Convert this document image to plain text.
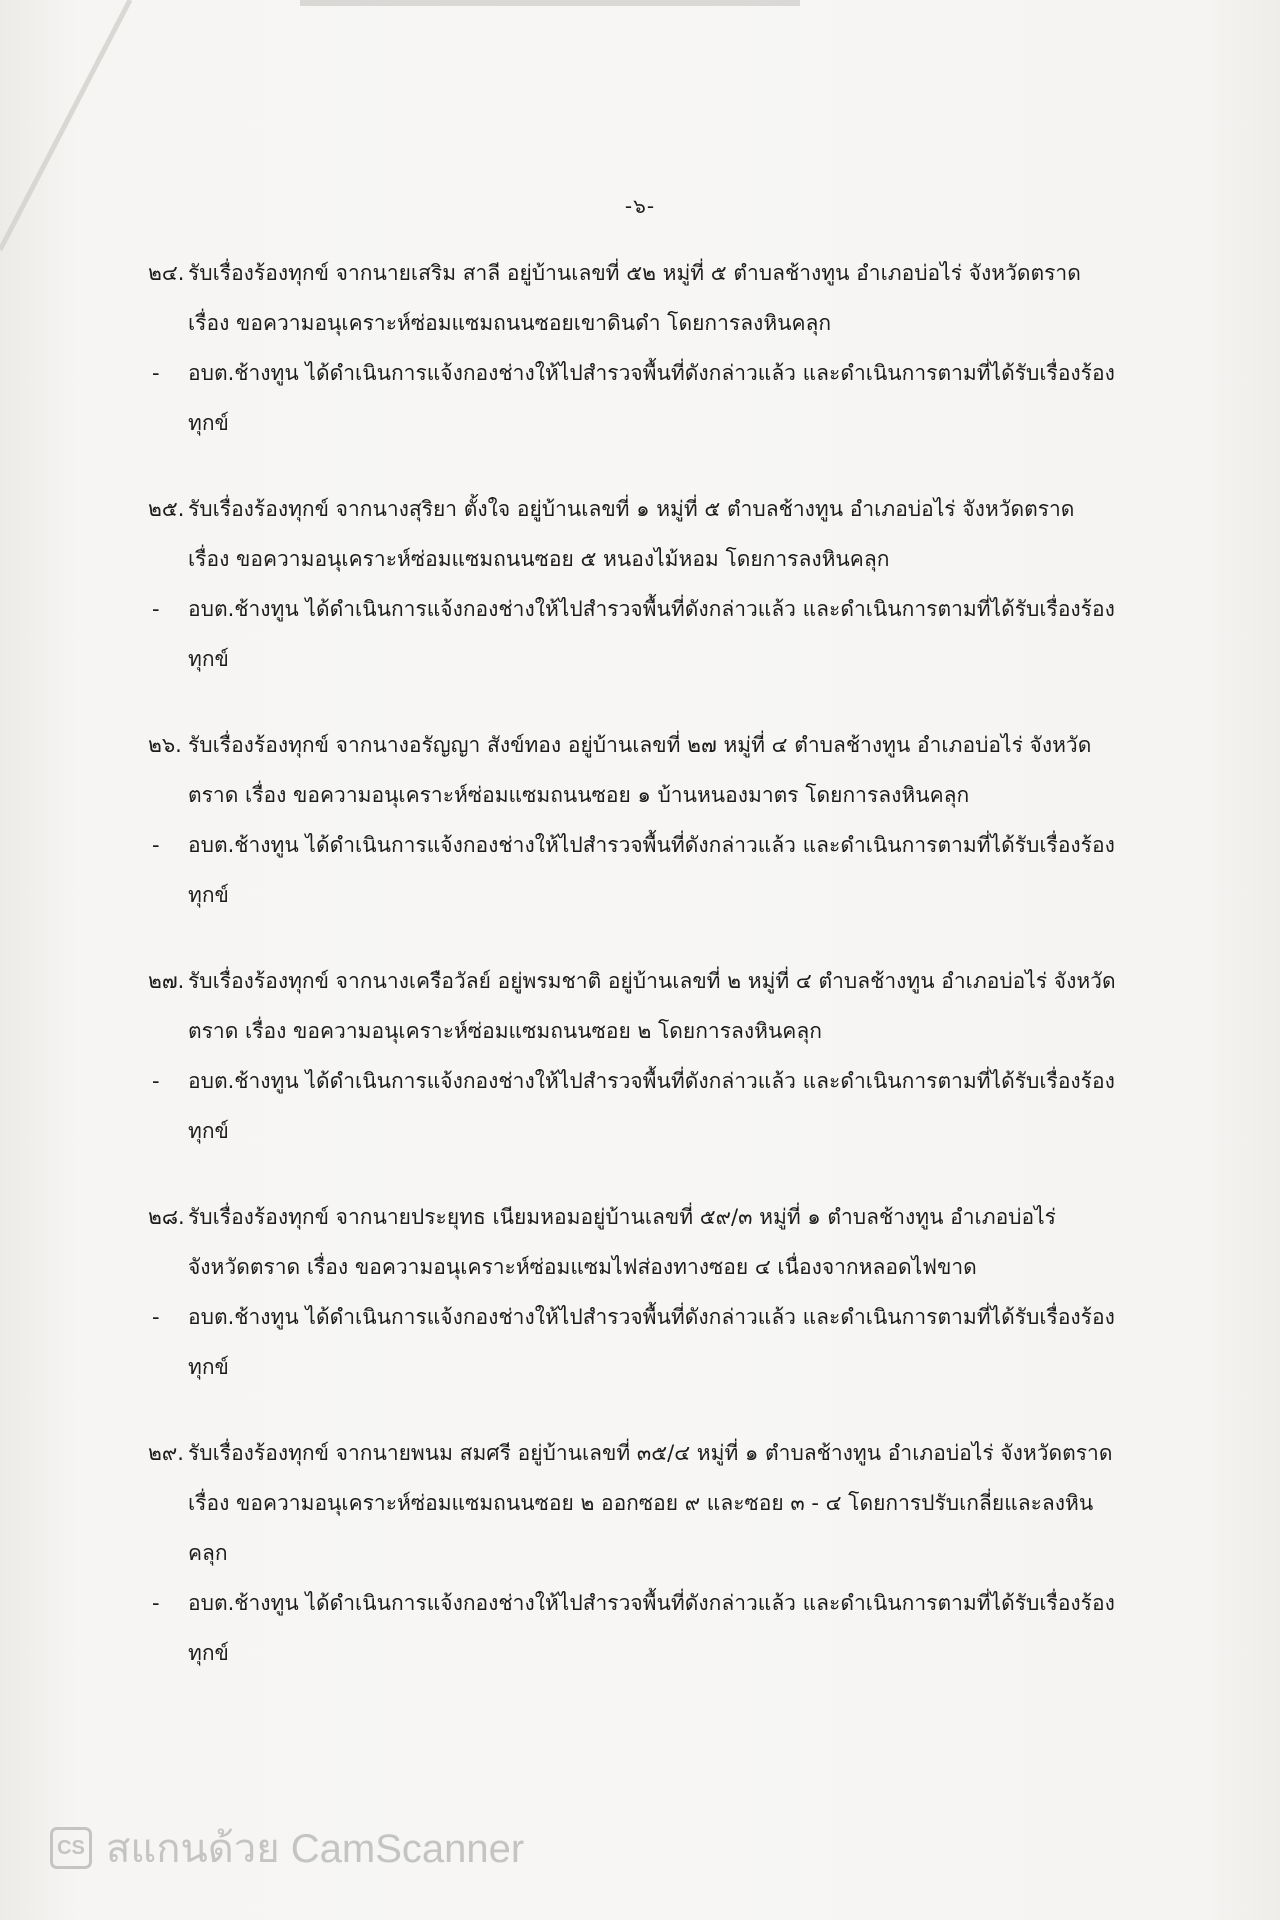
-๖-
๒๔. รับเรื่องร้องทุกข์ จากนายเสริม สาลี อยู่บ้านเลขที่ ๕๒ หมู่ที่ ๕ ตำบลช้างทูน อำเภอบ่อไร่ จังหวัดตราด เรื่อง ขอความอนุเคราะห์ซ่อมแซมถนนซอยเขาดินดำ โดยการลงหินคลุก
-	อบต.ช้างทูน ได้ดำเนินการแจ้งกองช่างให้ไปสำรวจพื้นที่ดังกล่าวแล้ว และดำเนินการตามที่ได้รับเรื่องร้องทุกข์
๒๕. รับเรื่องร้องทุกข์ จากนางสุริยา ตั้งใจ อยู่บ้านเลขที่ ๑ หมู่ที่ ๕ ตำบลช้างทูน อำเภอบ่อไร่ จังหวัดตราด เรื่อง ขอความอนุเคราะห์ซ่อมแซมถนนซอย ๕ หนองไม้หอม โดยการลงหินคลุก
-	อบต.ช้างทูน ได้ดำเนินการแจ้งกองช่างให้ไปสำรวจพื้นที่ดังกล่าวแล้ว และดำเนินการตามที่ได้รับเรื่องร้องทุกข์
๒๖. รับเรื่องร้องทุกข์ จากนางอรัญญา สังข์ทอง อยู่บ้านเลขที่ ๒๗ หมู่ที่ ๔ ตำบลช้างทูน อำเภอบ่อไร่ จังหวัดตราด เรื่อง ขอความอนุเคราะห์ซ่อมแซมถนนซอย ๑ บ้านหนองมาตร โดยการลงหินคลุก
-	อบต.ช้างทูน ได้ดำเนินการแจ้งกองช่างให้ไปสำรวจพื้นที่ดังกล่าวแล้ว และดำเนินการตามที่ได้รับเรื่องร้องทุกข์
๒๗. รับเรื่องร้องทุกข์ จากนางเครือวัลย์ อยู่พรมชาติ อยู่บ้านเลขที่ ๒ หมู่ที่ ๔ ตำบลช้างทูน อำเภอบ่อไร่ จังหวัดตราด เรื่อง ขอความอนุเคราะห์ซ่อมแซมถนนซอย ๒ โดยการลงหินคลุก
-	อบต.ช้างทูน ได้ดำเนินการแจ้งกองช่างให้ไปสำรวจพื้นที่ดังกล่าวแล้ว และดำเนินการตามที่ได้รับเรื่องร้องทุกข์
๒๘. รับเรื่องร้องทุกข์ จากนายประยุทธ เนียมหอมอยู่บ้านเลขที่ ๕๙/๓ หมู่ที่ ๑ ตำบลช้างทูน อำเภอบ่อไร่ จังหวัดตราด เรื่อง ขอความอนุเคราะห์ซ่อมแซมไฟส่องทางซอย ๔ เนื่องจากหลอดไฟขาด
-	อบต.ช้างทูน ได้ดำเนินการแจ้งกองช่างให้ไปสำรวจพื้นที่ดังกล่าวแล้ว และดำเนินการตามที่ได้รับเรื่องร้องทุกข์
๒๙. รับเรื่องร้องทุกข์ จากนายพนม สมศรี อยู่บ้านเลขที่ ๓๕/๔ หมู่ที่ ๑ ตำบลช้างทูน อำเภอบ่อไร่ จังหวัดตราด เรื่อง ขอความอนุเคราะห์ซ่อมแซมถนนซอย ๒ ออกซอย ๙ และซอย ๓ - ๔ โดยการปรับเกลี่ยและลงหินคลุก
-	อบต.ช้างทูน ได้ดำเนินการแจ้งกองช่างให้ไปสำรวจพื้นที่ดังกล่าวแล้ว และดำเนินการตามที่ได้รับเรื่องร้องทุกข์
CS สแกนด้วย CamScanner
